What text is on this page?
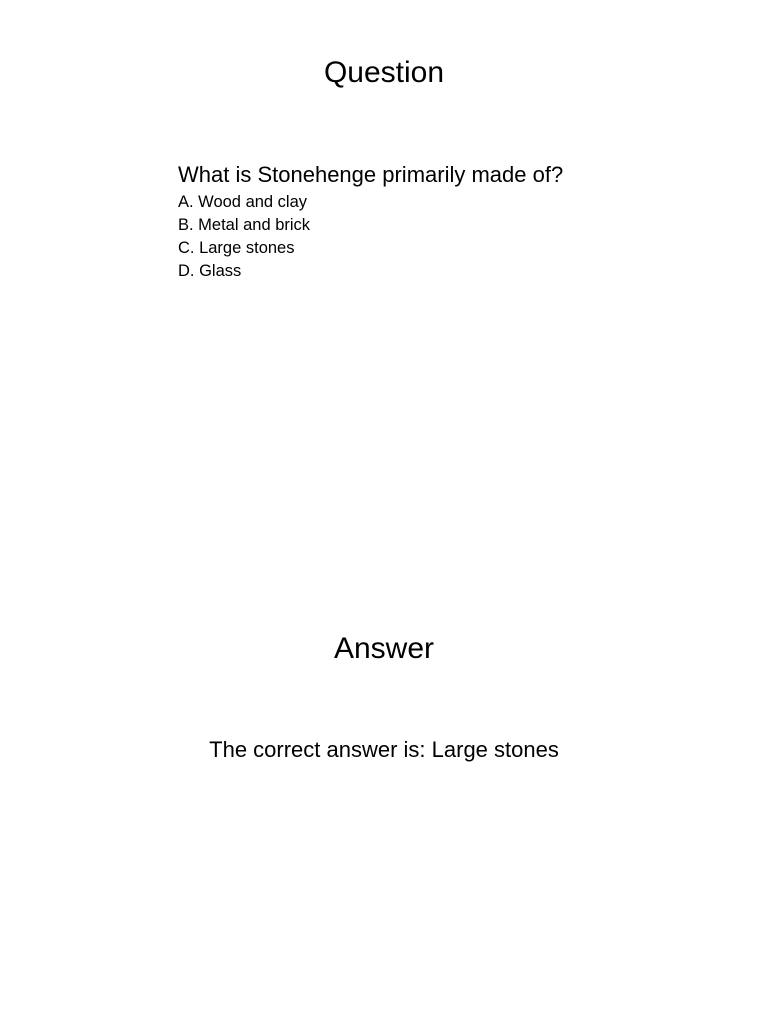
Question

What is Stonehenge primarily made of?

A. Wood and clay
B. Metal and brick
C. Large stones
D. Glass
Answer

The correct answer is: Large stones
